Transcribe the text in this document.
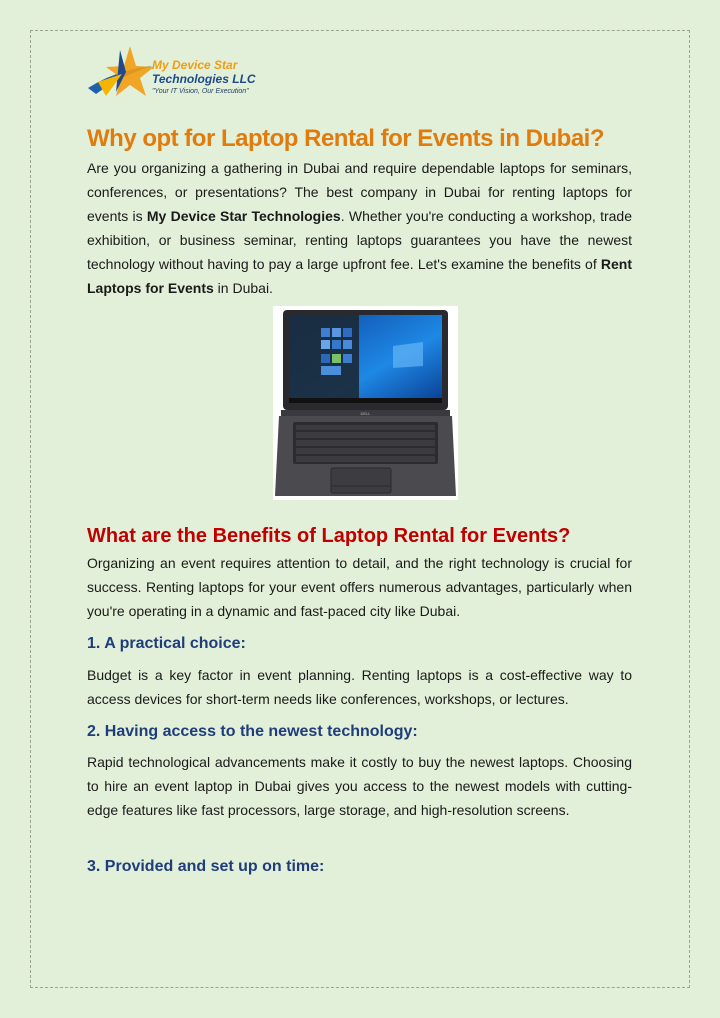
My Device Star
Technologies LLC
"Your IT Vision, Our Execution"
Why opt for Laptop Rental for Events in Dubai?

Are you organizing a gathering in Dubai and require dependable laptops for seminars, conferences, or presentations? The best company in Dubai for renting laptops for events is My Device Star Technologies. Whether you're conducting a workshop, trade exhibition, or business seminar, renting laptops guarantees you have the newest technology without having to pay a large upfront fee. Let's examine the benefits of Rent Laptops for Events in Dubai.

DELL
What are the Benefits of Laptop Rental for Events?

Organizing an event requires attention to detail, and the right technology is crucial for success. Renting laptops for your event offers numerous advantages, particularly when you're operating in a dynamic and fast-paced city like Dubai.

1. A practical choice:

Budget is a key factor in event planning. Renting laptops is a cost-effective way to access devices for short-term needs like conferences, workshops, or lectures.

2. Having access to the newest technology:

Rapid technological advancements make it costly to buy the newest laptops. Choosing to hire an event laptop in Dubai gives you access to the newest models with cutting-edge features like fast processors, large storage, and high-resolution screens.

3. Provided and set up on time:
